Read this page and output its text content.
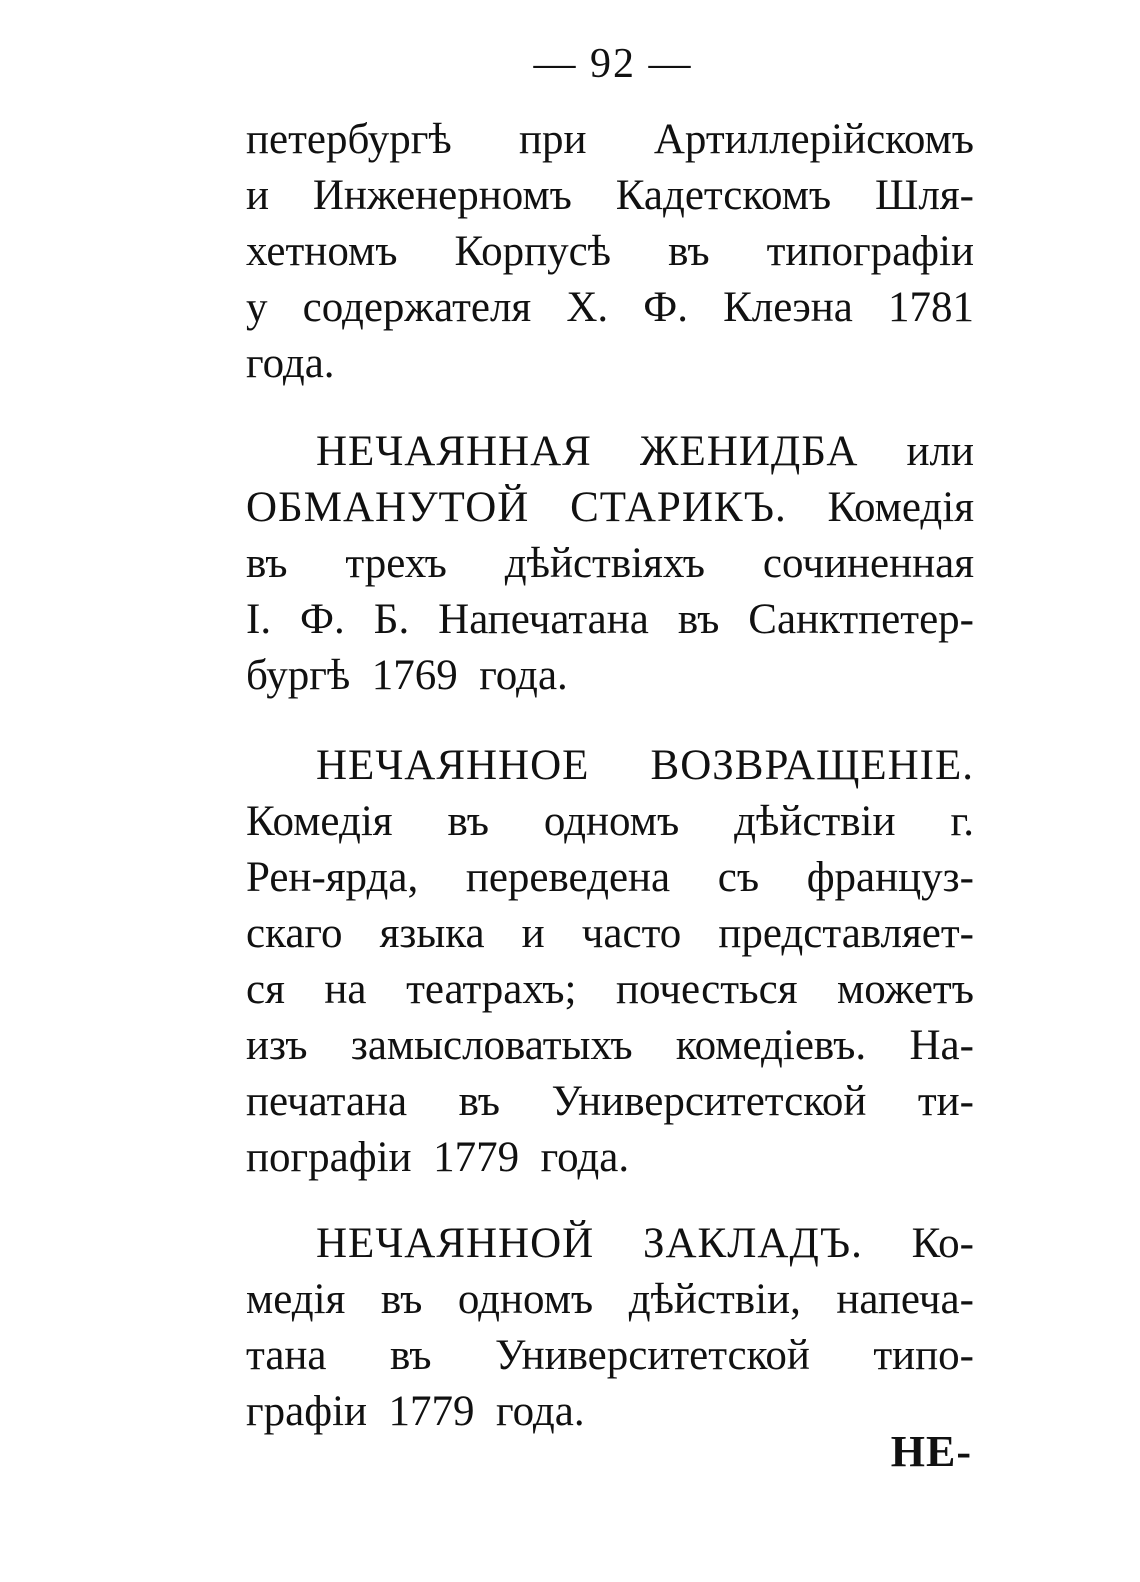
— 92 —

петербургѣ при Артиллерійскомъ
и Инженерномъ Кадетскомъ Шля-
хетномъ Корпусѣ въ типографіи
у содержателя Х. Ф. Клеэна 1781
года.
НЕЧАЯННАЯ ЖЕНИДБА или
ОБМАНУТОЙ СТАРИКЪ. Комедія
въ трехъ дѣйствіяхъ сочиненная
І. Ф. Б. Напечатана въ Санктпетер-
бургѣ 1769 года.
НЕЧАЯННОЕ ВОЗВРАЩЕНІЕ.
Комедія въ одномъ дѣйствіи г.
Рен-ярда, переведена съ француз-
скаго языка и часто представляет-
ся на театрахъ; почесться можетъ
изъ замысловатыхъ комедіевъ. На-
печатана въ Университетской ти-
пографіи 1779 года.
НЕЧАЯННОЙ ЗАКЛАДЪ. Ко-
медія въ одномъ дѣйствіи, напеча-
тана въ Университетской типо-
графіи 1779 года.

НЕ-
